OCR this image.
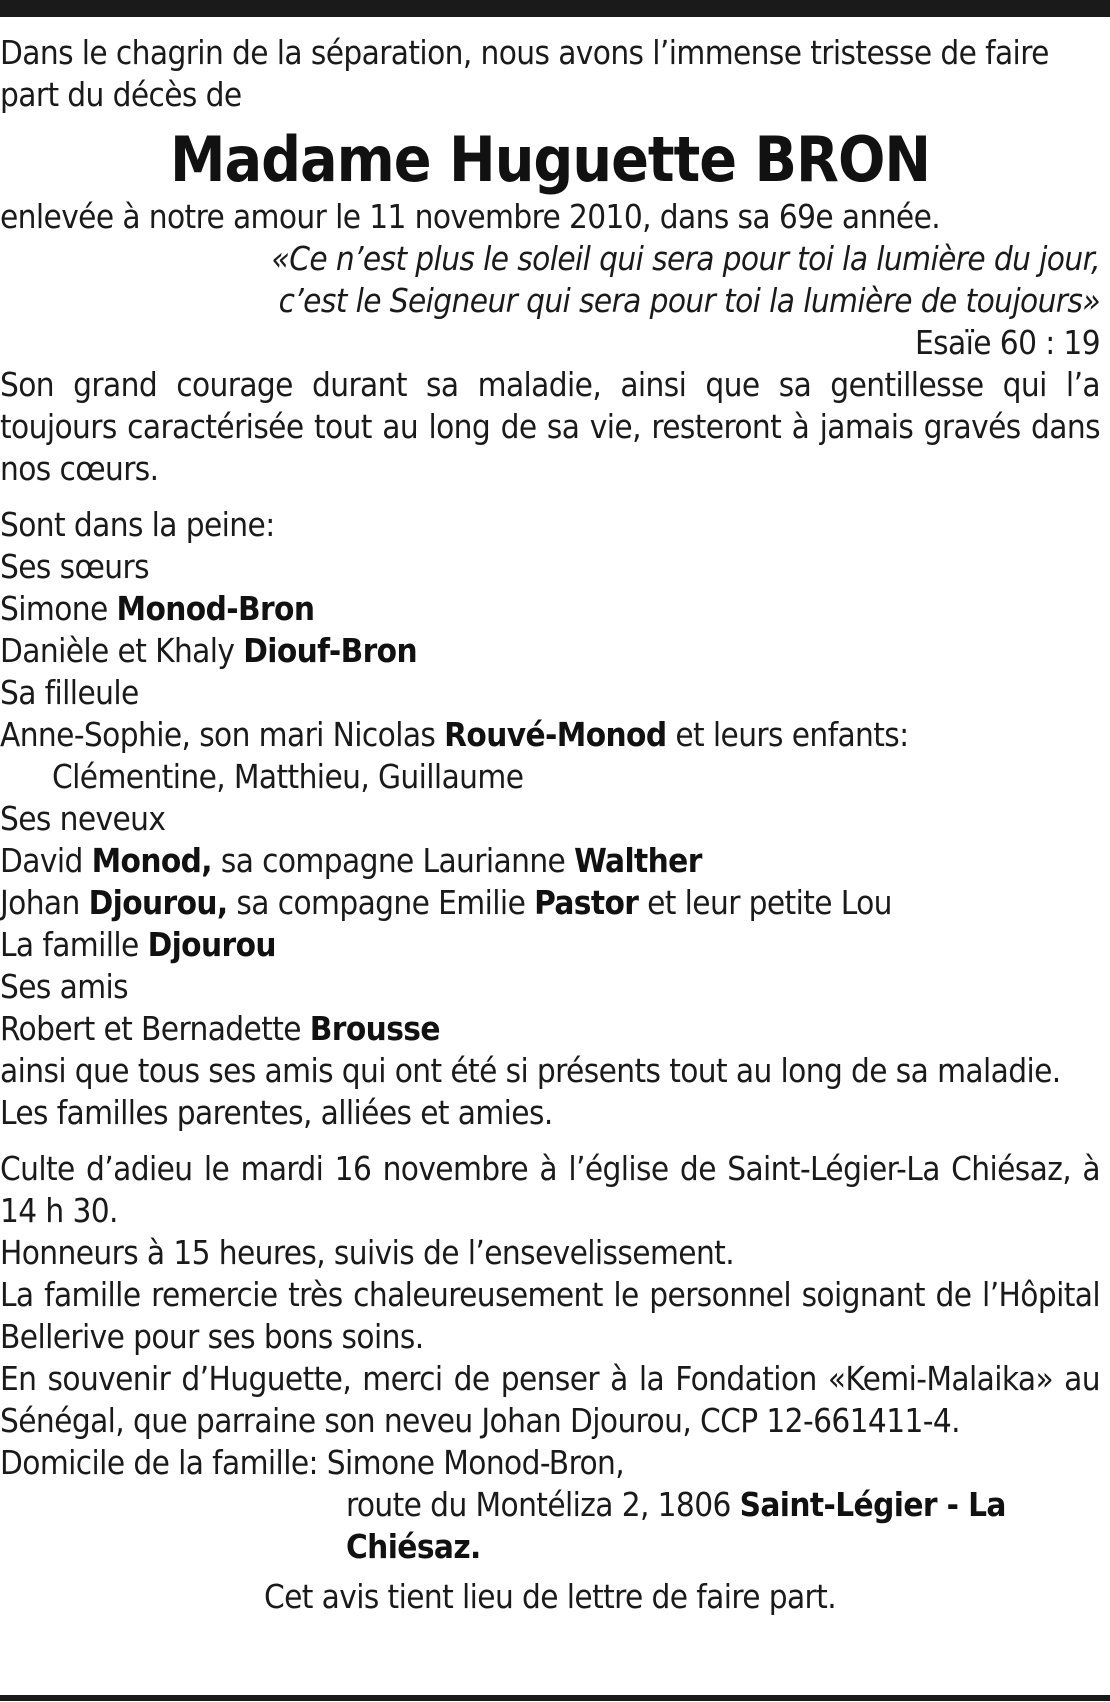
Dans le chagrin de la séparation, nous avons l’immense tristesse de faire part du décès de

Madame Huguette BRON

enlevée à notre amour le 11 novembre 2010, dans sa 69e année.

«Ce n’est plus le soleil qui sera pour toi la lumière du jour,

c’est le Seigneur qui sera pour toi la lumière de toujours»

Esaïe 60 : 19

Son grand courage durant sa maladie, ainsi que sa gentillesse qui l’a toujours caractérisée tout au long de sa vie, resteront à jamais gravés dans nos cœurs.

Sont dans la peine:

Ses sœurs

Simone Monod-Bron

Danièle et Khaly Diouf-Bron

Sa filleule

Anne-Sophie, son mari Nicolas Rouvé-Monod et leurs enfants:

Clémentine, Matthieu, Guillaume

Ses neveux

David Monod, sa compagne Laurianne Walther

Johan Djourou, sa compagne Emilie Pastor et leur petite Lou

La famille Djourou

Ses amis

Robert et Bernadette Brousse

ainsi que tous ses amis qui ont été si présents tout au long de sa maladie.

Les familles parentes, alliées et amies.

Culte d’adieu le mardi 16 novembre à l’église de Saint-Légier-La Chiésaz, à 14 h 30.

Honneurs à 15 heures, suivis de l’ensevelissement.

La famille remercie très chaleureusement le personnel soignant de l’Hôpital Bellerive pour ses bons soins.

En souvenir d’Huguette, merci de penser à la Fondation «Kemi-Malaika» au Sénégal, que parraine son neveu Johan Djourou, CCP 12-661411-4.

Domicile de la famille: Simone Monod-Bron,

route du Montéliza 2, 1806 Saint-Légier - La Chiésaz.

Cet avis tient lieu de lettre de faire part.
